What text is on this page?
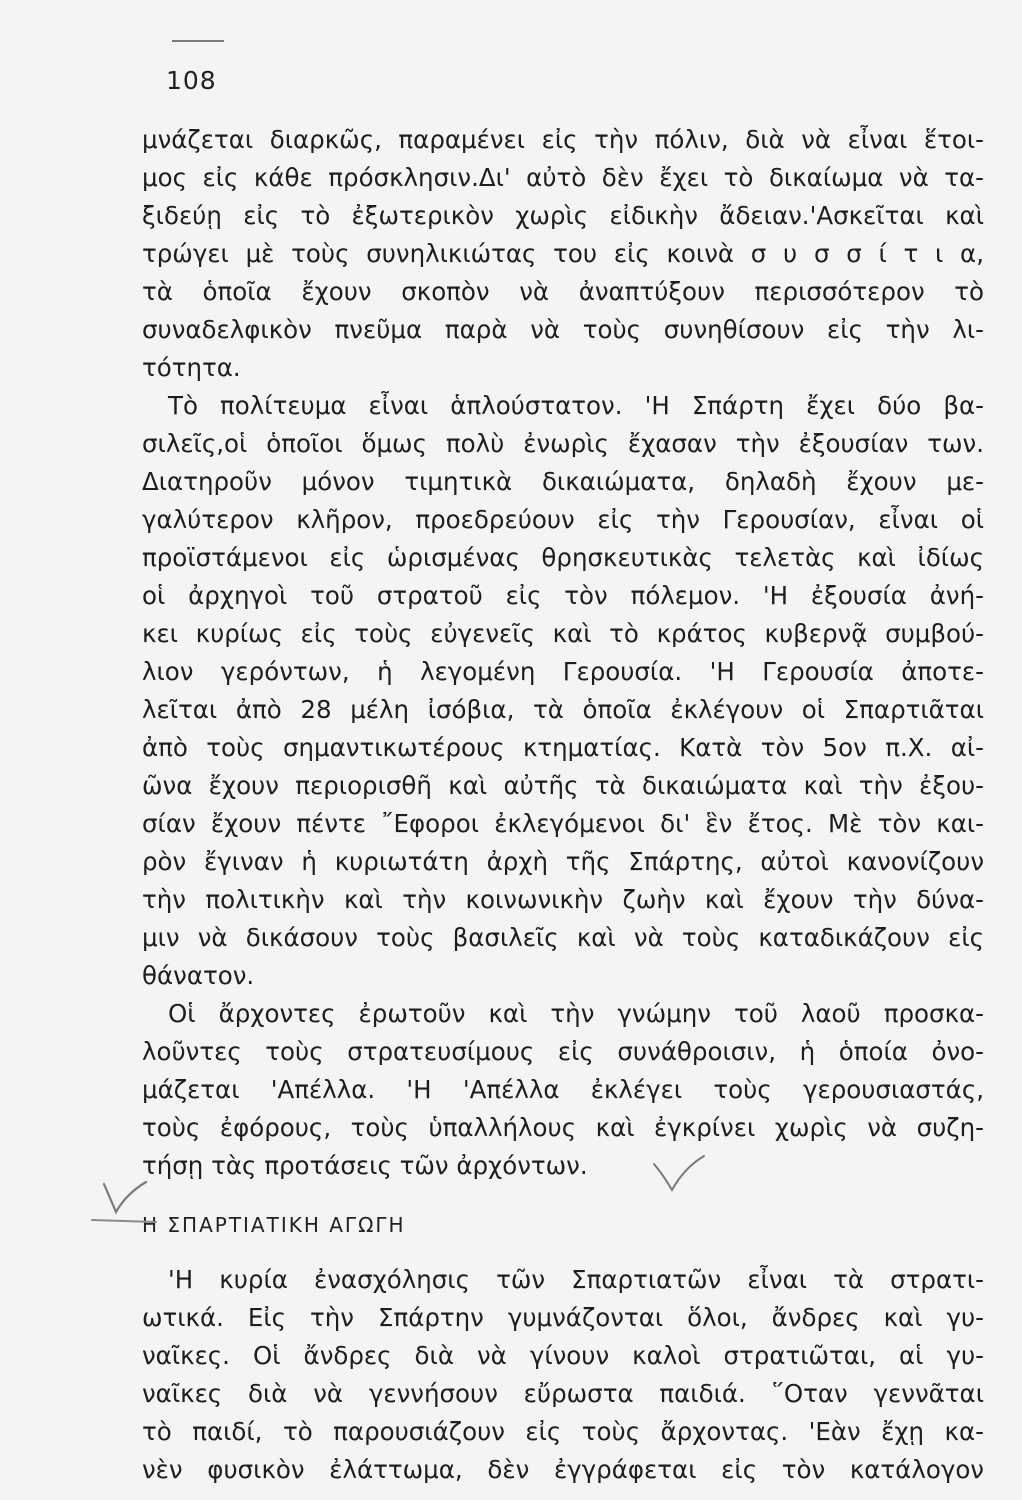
108
μνάζεται διαρκῶς, παραμένει εἰς τὴν πόλιν, διὰ νὰ εἶναι ἕτοι-
μος εἰς κάθε πρόσκλησιν.Δι' αὐτὸ δὲν ἔχει τὸ δικαίωμα νὰ τα-
ξιδεύῃ εἰς τὸ ἐξωτερικὸν χωρὶς εἰδικὴν ἄδειαν.'Ασκεῖται καὶ
τρώγει μὲ τοὺς συνηλικιώτας του εἰς κοινὰ σ υ σ σ ί τ ι α,
τὰ ὁποῖα ἔχουν σκοπὸν νὰ ἀναπτύξουν περισσότερον τὸ
συναδελφικὸν πνεῦμα παρὰ νὰ τοὺς συνηθίσουν εἰς τὴν λι-
τότητα.
Τὸ πολίτευμα εἶναι ἁπλούστατον. 'Η Σπάρτη ἔχει δύο βα-
σιλεῖς,οἱ ὁποῖοι ὅμως πολὺ ἐνωρὶς ἔχασαν τὴν ἐξουσίαν των.
Διατηροῦν μόνον τιμητικὰ δικαιώματα, δηλαδὴ ἔχουν με-
γαλύτερον κλῆρον, προεδρεύουν εἰς τὴν Γερουσίαν, εἶναι οἱ
προϊστάμενοι εἰς ὡρισμένας θρησκευτικὰς τελετὰς καὶ ἰδίως
οἱ ἀρχηγοὶ τοῦ στρατοῦ εἰς τὸν πόλεμον. 'Η ἐξουσία ἀνή-
κει κυρίως εἰς τοὺς εὐγενεῖς καὶ τὸ κράτος κυβερνᾷ συμβού-
λιον γερόντων, ἡ λεγομένη Γερουσία. 'Η Γερουσία ἀποτε-
λεῖται ἀπὸ 28 μέλη ἰσόβια, τὰ ὁποῖα ἐκλέγουν οἱ Σπαρτιᾶται
ἀπὸ τοὺς σημαντικωτέρους κτηματίας. Κατὰ τὸν 5ον π.Χ. αἰ-
ῶνα ἔχουν περιορισθῆ καὶ αὐτῆς τὰ δικαιώματα καὶ τὴν ἐξου-
σίαν ἔχουν πέντε ῎Εφοροι ἐκλεγόμενοι δι' ἓν ἔτος. Μὲ τὸν και-
ρὸν ἔγιναν ἡ κυριωτάτη ἀρχὴ τῆς Σπάρτης, αὐτοὶ κανονίζουν
τὴν πολιτικὴν καὶ τὴν κοινωνικὴν ζωὴν καὶ ἔχουν τὴν δύνα-
μιν νὰ δικάσουν τοὺς βασιλεῖς καὶ νὰ τοὺς καταδικάζουν εἰς
θάνατον.
Οἱ ἄρχοντες ἐρωτοῦν καὶ τὴν γνώμην τοῦ λαοῦ προσκα-
λοῦντες τοὺς στρατευσίμους εἰς συνάθροισιν, ἡ ὁποία ὀνο-
μάζεται 'Απέλλα. 'Η 'Απέλλα ἐκλέγει τοὺς γερουσιαστάς,
τοὺς ἐφόρους, τοὺς ὑπαλλήλους καὶ ἐγκρίνει χωρὶς νὰ συζη-
τήσῃ τὰς προτάσεις τῶν ἀρχόντων.
Η ΣΠΑΡΤΙΑΤΙΚΗ ΑΓΩΓΗ
'Η κυρία ἐνασχόλησις τῶν Σπαρτιατῶν εἶναι τὰ στρατι-
ωτικά. Εἰς τὴν Σπάρτην γυμνάζονται ὅλοι, ἄνδρες καὶ γυ-
ναῖκες. Οἱ ἄνδρες διὰ νὰ γίνουν καλοὶ στρατιῶται, αἱ γυ-
ναῖκες διὰ νὰ γεννήσουν εὔρωστα παιδιά. ῞Οταν γεννᾶται
τὸ παιδί, τὸ παρουσιάζουν εἰς τοὺς ἄρχοντας. 'Εὰν ἔχῃ κα-
νὲν φυσικὸν ἐλάττωμα, δὲν ἐγγράφεται εἰς τὸν κατάλογον
